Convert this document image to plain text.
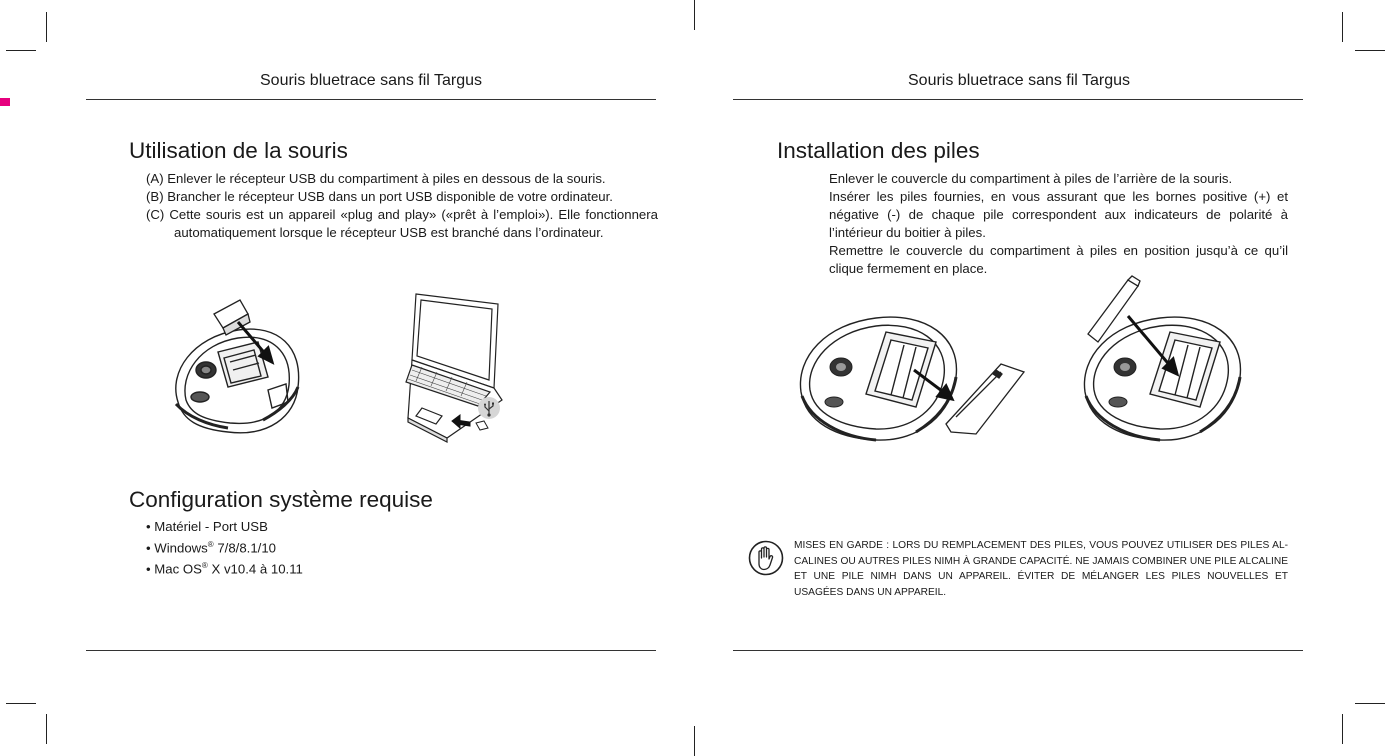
Souris bluetrace sans fil Targus
Utilisation de la souris
(A) Enlever le récepteur USB du compartiment à piles en dessous de la souris.
(B) Brancher le récepteur USB dans un port USB disponible de votre ordinateur.
(C) Cette souris est un appareil «plug and play» («prêt à l’emploi»). Elle fonctionnera automatiquement lorsque le récepteur USB est branché dans l’ordinateur.
Configuration système requise
• Matériel - Port USB
• Windows® 7/8/8.1/10
• Mac OS® X v10.4 à 10.11
Souris bluetrace sans fil Targus
Installation des piles
Enlever le couvercle du compartiment à piles de l’arrière de la souris.
Insérer les piles fournies, en vous assurant que les bornes positive (+) et négative (-) de chaque pile correspondent aux indicateurs de polarité à l’intérieur du boitier à piles.
Remettre le couvercle du compartiment à piles en position jusqu’à ce qu’il clique fermement en place.
MISES EN GARDE : LORS DU REMPLACEMENT DES PILES, VOUS POUVEZ UTILISER DES PILES AL-CALINES OU AUTRES PILES NIMH À GRANDE CAPACITÉ. NE JAMAIS COMBINER UNE PILE ALCALINE ET UNE PILE NIMH DANS UN APPAREIL. ÉVITER DE MÉLANGER LES PILES NOUVELLES ET USAGÉES DANS UN APPAREIL.
